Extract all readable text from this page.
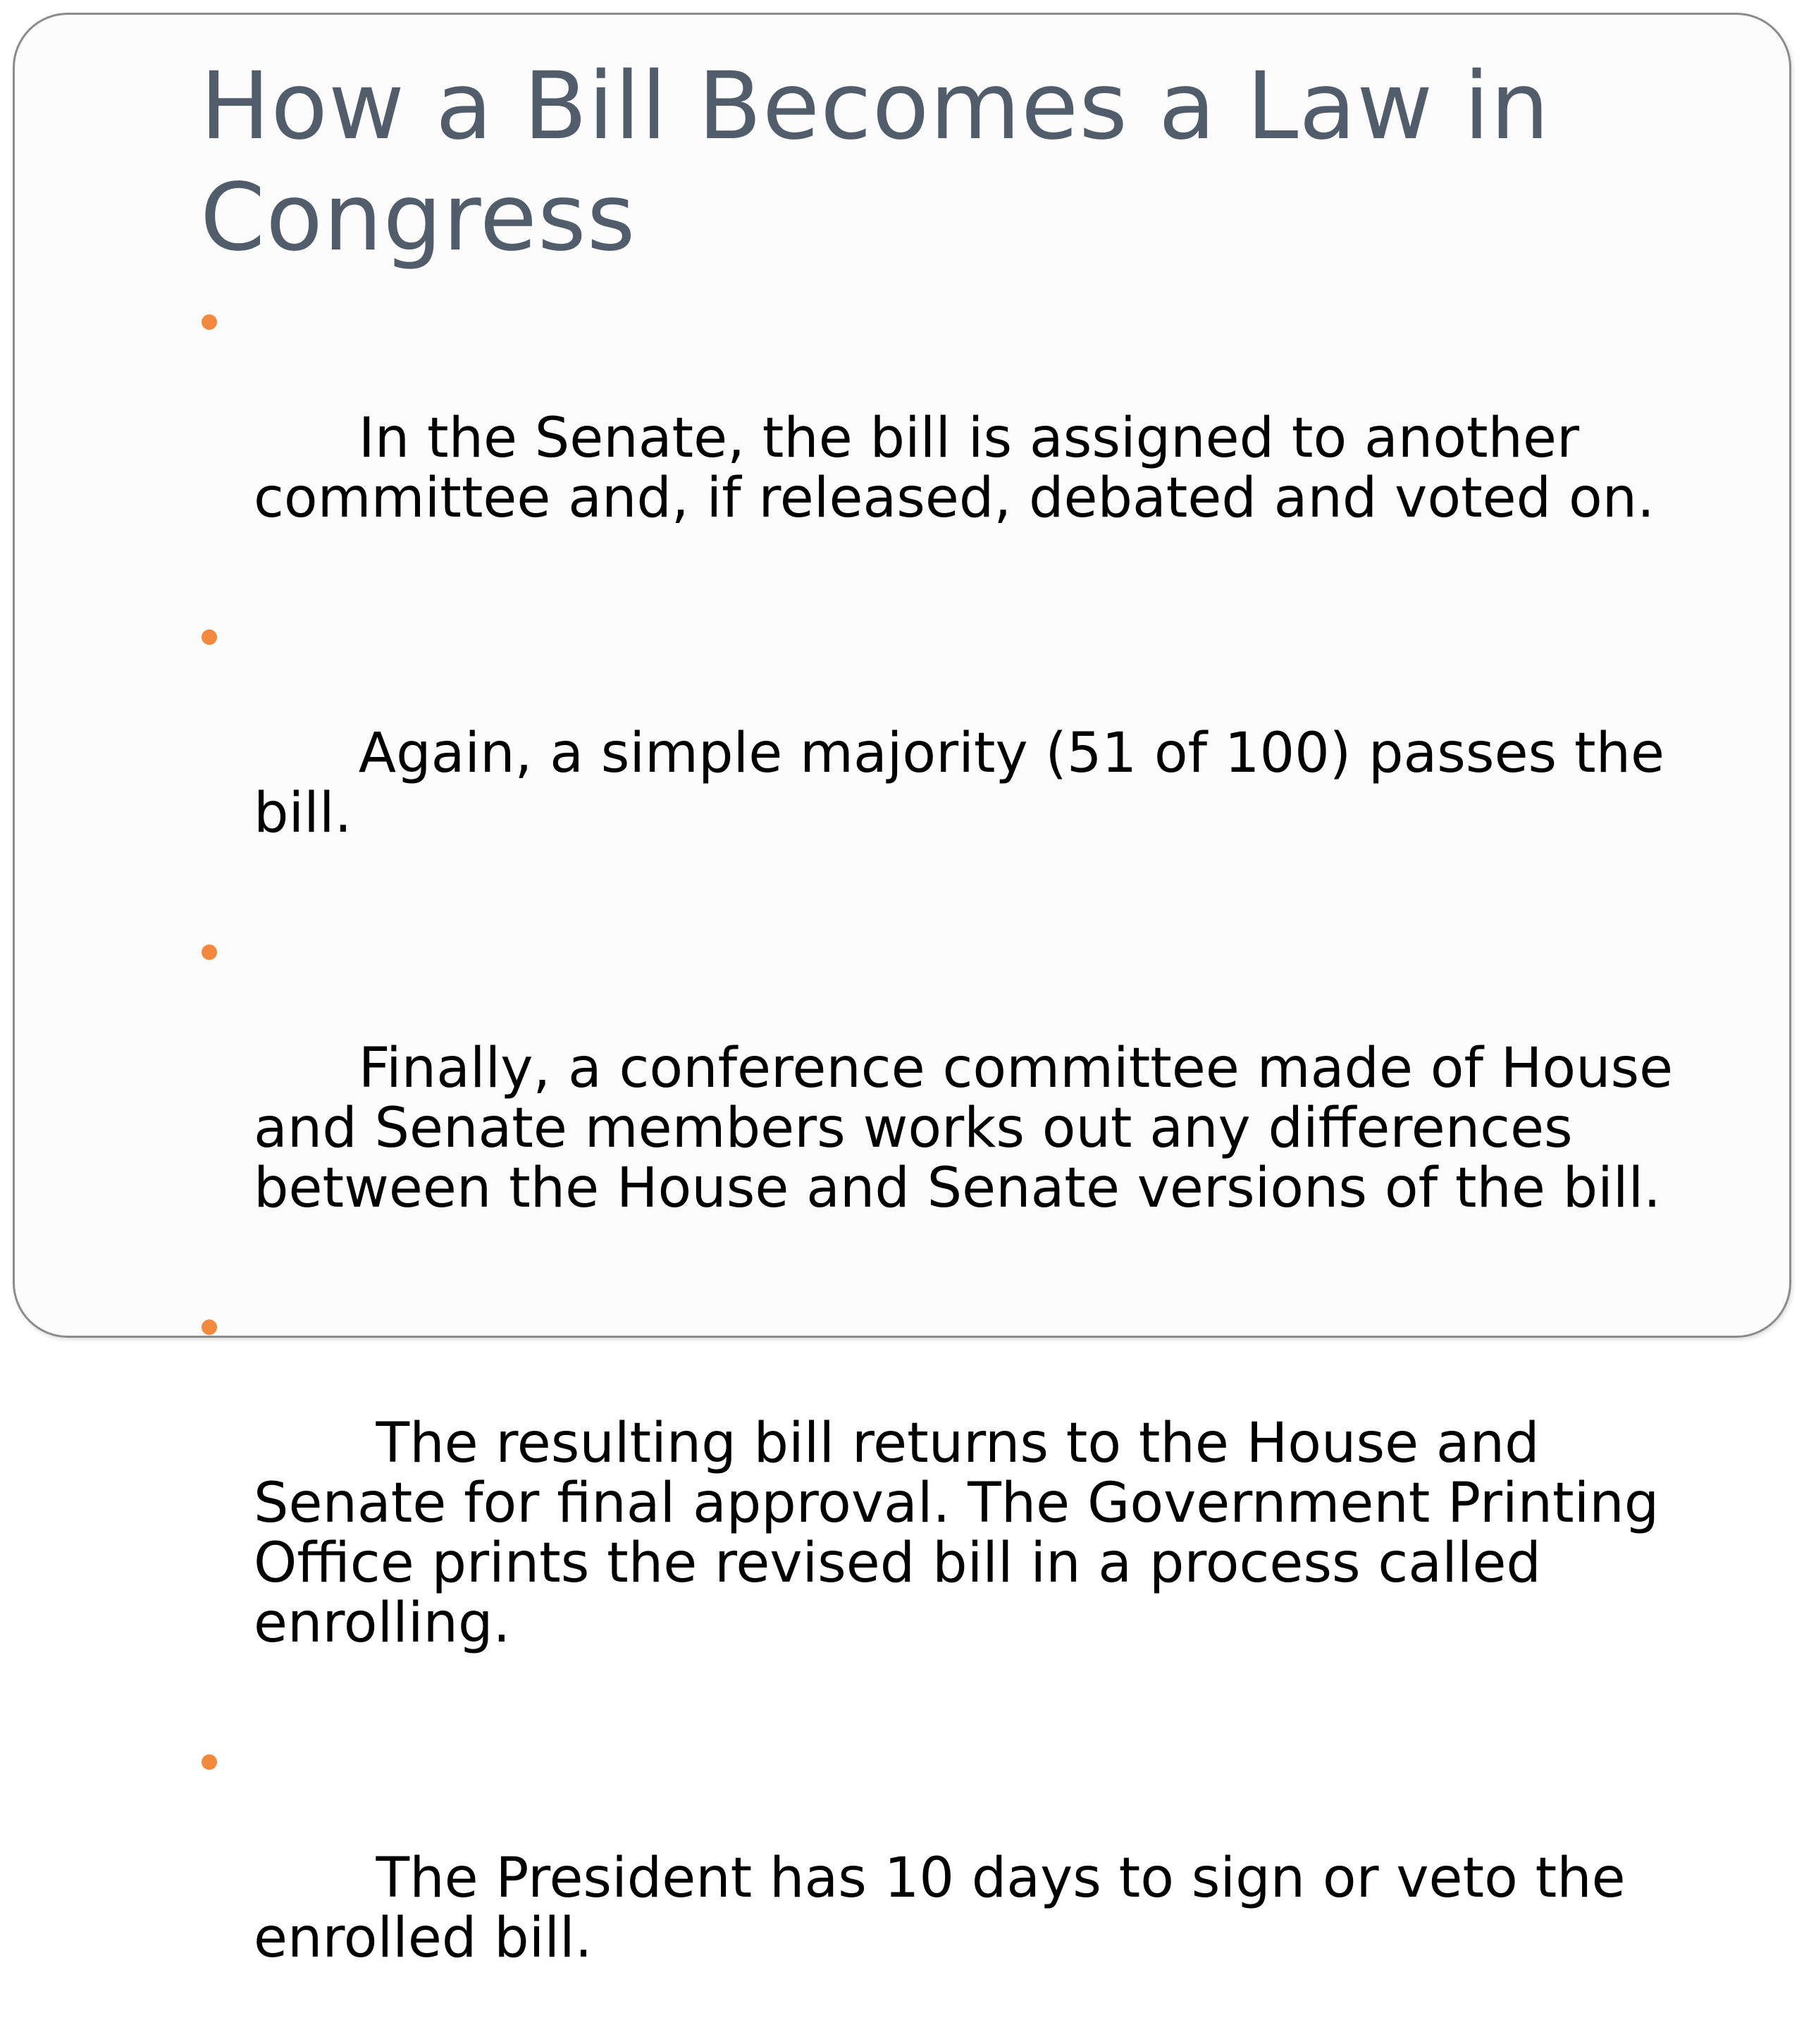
How a Bill Becomes a Law in Congress

In the Senate, the bill is assigned to another committee and, if released, debated and voted on.

Again, a simple majority (51 of 100) passes the bill.

Finally, a conference committee made of House and Senate members works out any differences between the House and Senate versions of the bill.

The resulting bill returns to the House and Senate for final approval. The Government Printing Office prints the revised bill in a process called enrolling.

The President has 10 days to sign or veto the enrolled bill.
